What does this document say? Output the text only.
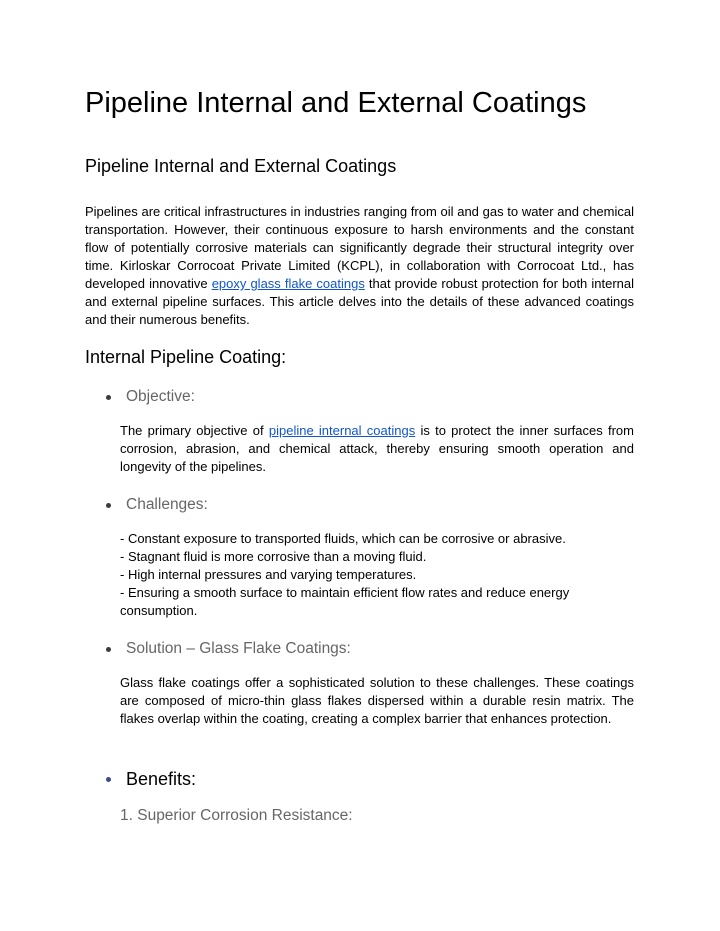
Pipeline Internal and External Coatings
Pipeline Internal and External Coatings

Pipelines are critical infrastructures in industries ranging from oil and gas to water and chemical transportation. However, their continuous exposure to harsh environments and the constant flow of potentially corrosive materials can significantly degrade their structural integrity over time. Kirloskar Corrocoat Private Limited (KCPL), in collaboration with Corrocoat Ltd., has developed innovative epoxy glass flake coatings that provide robust protection for both internal and external pipeline surfaces. This article delves into the details of these advanced coatings and their numerous benefits.

Internal Pipeline Coating:
Objective:

The primary objective of pipeline internal coatings is to protect the inner surfaces from corrosion, abrasion, and chemical attack, thereby ensuring smooth operation and longevity of the pipelines.

Challenges:
- Constant exposure to transported fluids, which can be corrosive or abrasive.
- Stagnant fluid is more corrosive than a moving fluid.
- High internal pressures and varying temperatures.
- Ensuring a smooth surface to maintain efficient flow rates and reduce energy
consumption.
Solution – Glass Flake Coatings:

Glass flake coatings offer a sophisticated solution to these challenges. These coatings are composed of micro-thin glass flakes dispersed within a durable resin matrix. The flakes overlap within the coating, creating a complex barrier that enhances protection.

Benefits:

1. Superior Corrosion Resistance:
